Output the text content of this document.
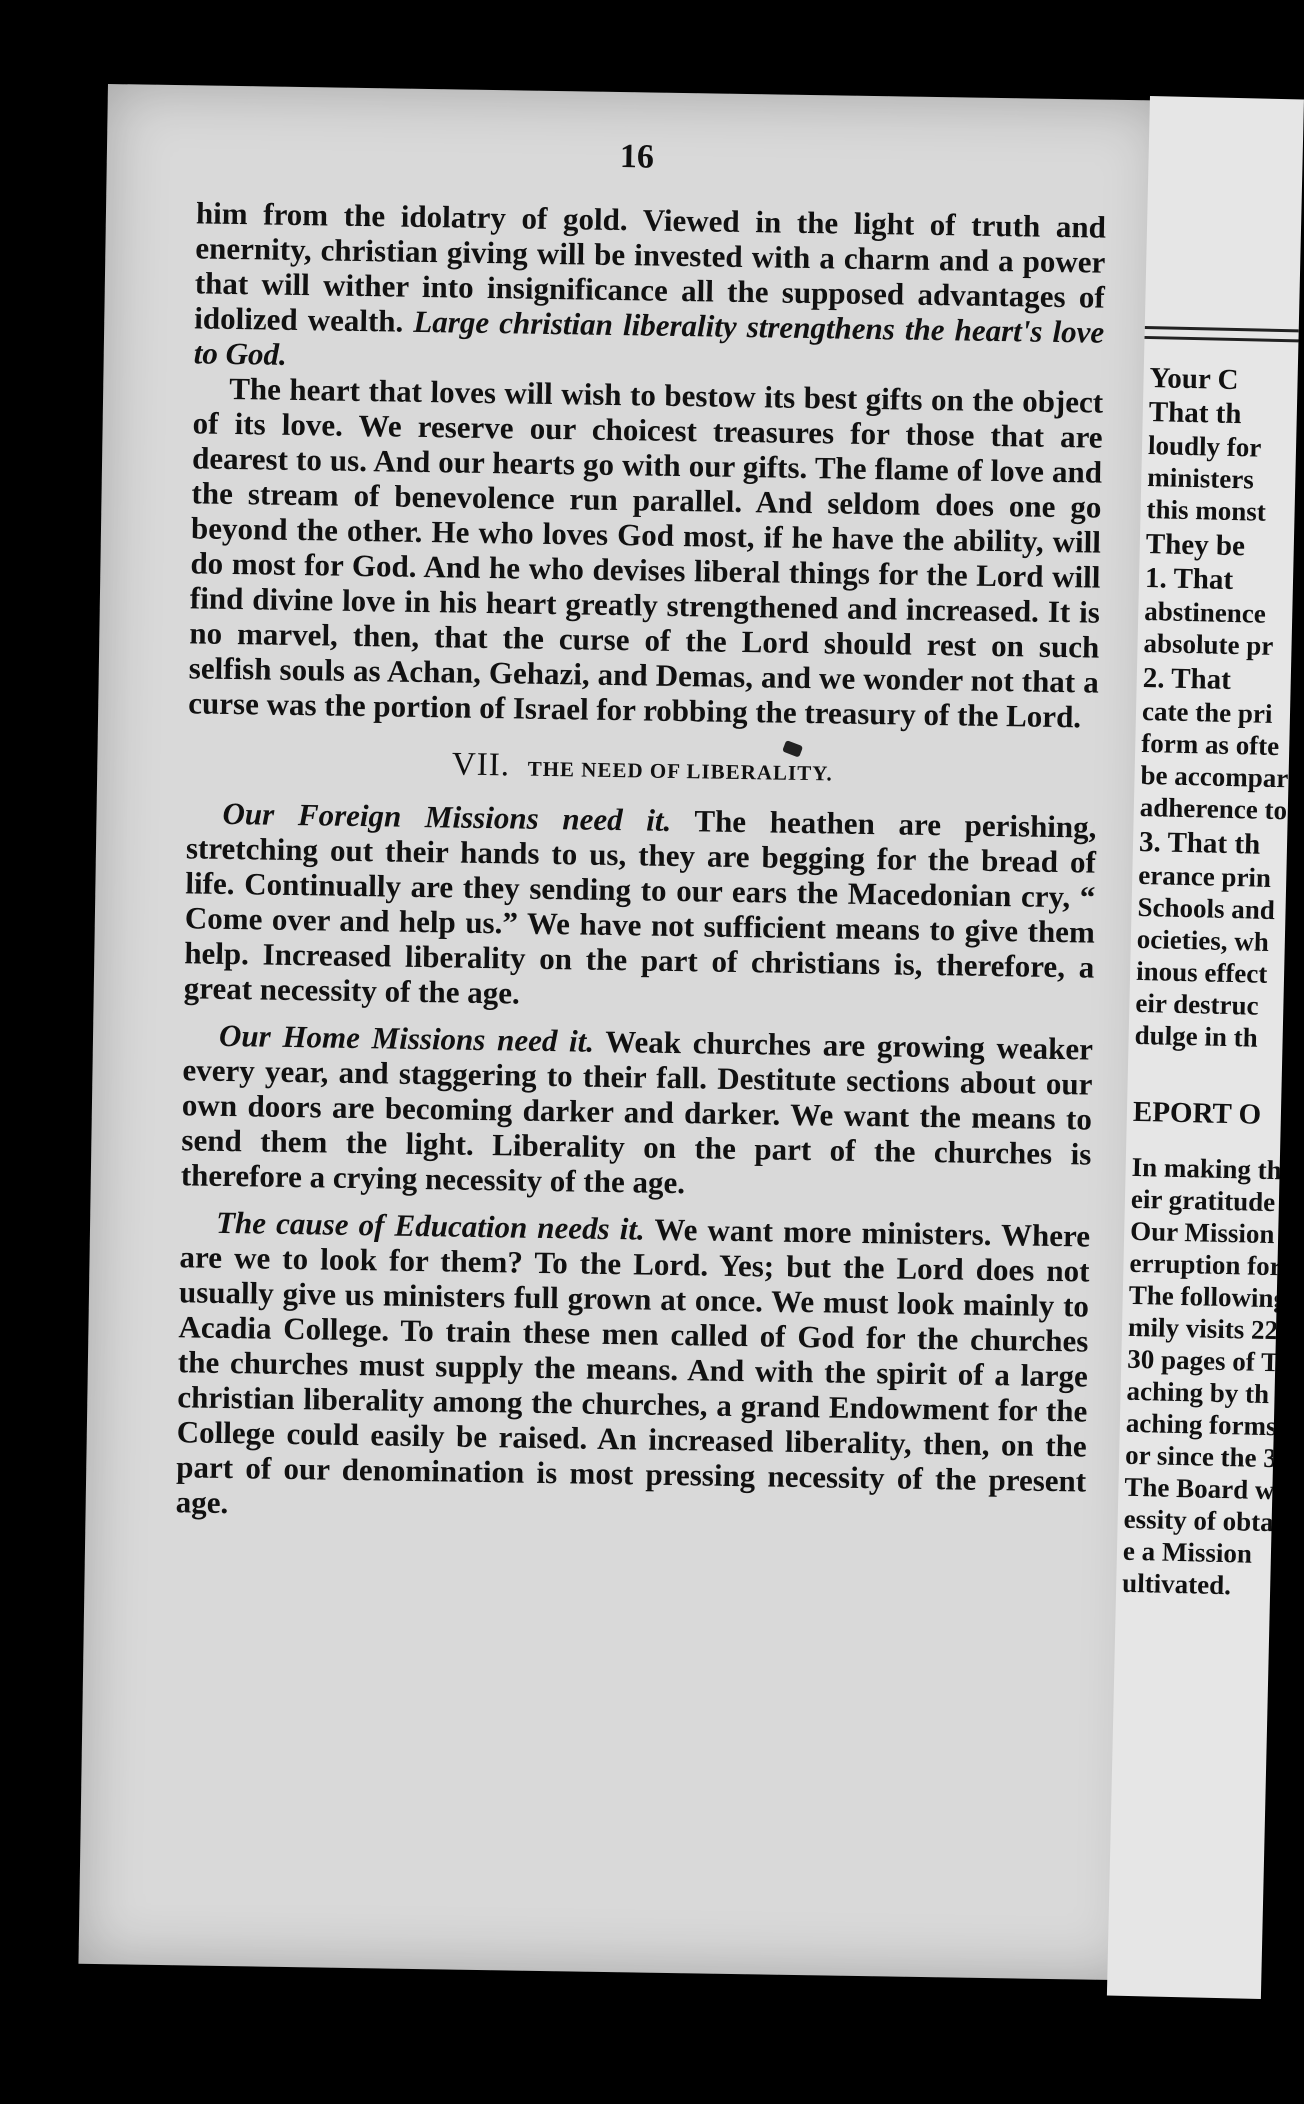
16

him from the idolatry of gold. Viewed in the light of truth and enernity, christian giving will be invested with a charm and a power that will wither into insignificance all the supposed advantages of idolized wealth. Large christian liberality strengthens the heart's love to God.

The heart that loves will wish to bestow its best gifts on the object of its love. We reserve our choicest treasures for those that are dearest to us. And our hearts go with our gifts. The flame of love and the stream of benevolence run parallel. And seldom does one go beyond the other. He who loves God most, if he have the ability, will do most for God. And he who devises liberal things for the Lord will find divine love in his heart greatly strengthened and increased. It is no marvel, then, that the curse of the Lord should rest on such selfish souls as Achan, Gehazi, and Demas, and we wonder not that a curse was the portion of Israel for robbing the treasury of the Lord.

VII. THE NEED OF LIBERALITY.

Our Foreign Missions need it. The heathen are perishing, stretching out their hands to us, they are begging for the bread of life. Continually are they sending to our ears the Macedonian cry, “ Come over and help us.” We have not sufficient means to give them help. Increased liberality on the part of christians is, therefore, a great necessity of the age.

Our Home Missions need it. Weak churches are growing weaker every year, and staggering to their fall. Destitute sections about our own doors are becoming darker and darker. We want the means to send them the light. Liberality on the part of the churches is therefore a crying necessity of the age.

The cause of Education needs it. We want more ministers. Where are we to look for them? To the Lord. Yes; but the Lord does not usually give us ministers full grown at once. We must look mainly to Acadia College. To train these men called of God for the churches the churches must supply the means. And with the spirit of a large christian liberality among the churches, a grand Endowment for the College could easily be raised. An increased liberality, then, on the part of our denomination is most pressing necessity of the present age.

Your C
That th
loudly for
ministers
this monst
They be
1. That
abstinence
absolute pr
2. That
cate the pri
form as ofte
be accompar
adherence to
3. That th
erance prin
Schools and
ocieties, wh
inous effect
eir destruc
dulge in th
EPORT O
In making th
eir gratitude
Our Mission
erruption for
The following
mily visits 22
30 pages of T
aching by th
aching forms
or since the 3
The Board wo
essity of obtai
e a Mission
ultivated.
